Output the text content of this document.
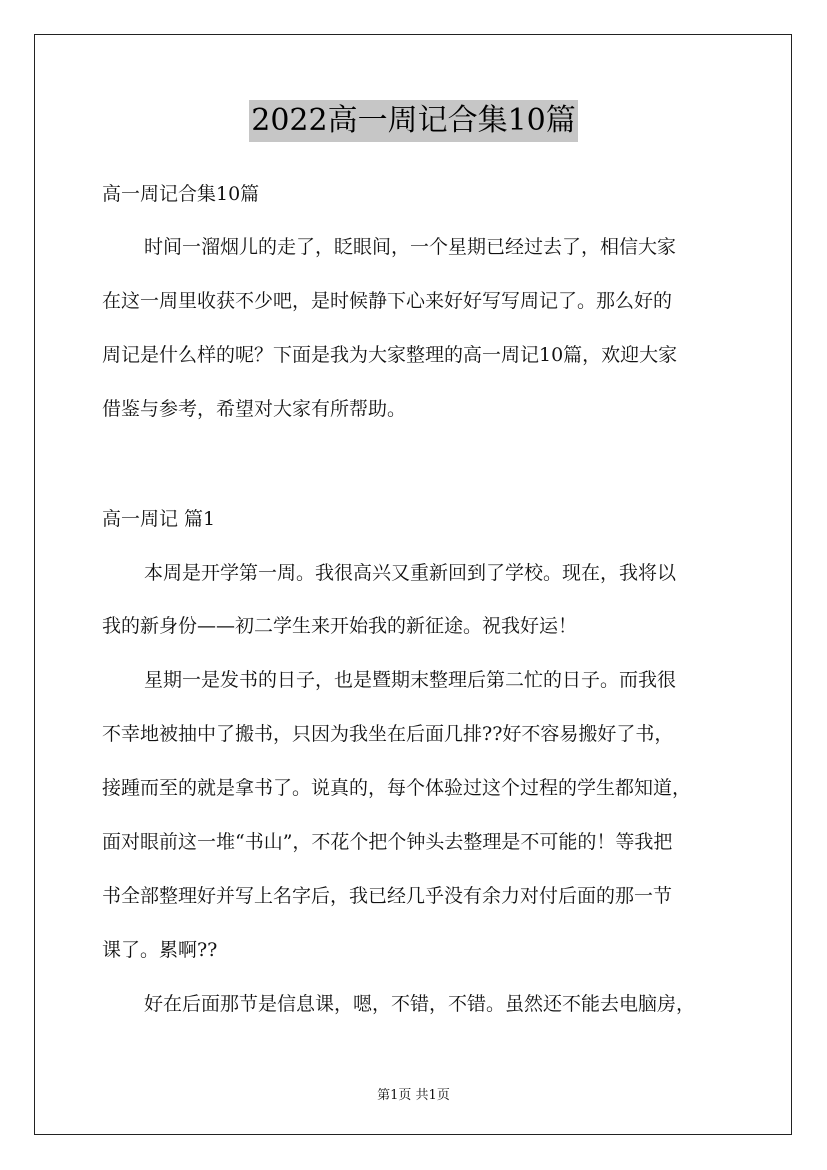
2022高一周记合集10篇
高一周记合集10篇
时间一溜烟儿的走了，眨眼间，一个星期已经过去了，相信大家
在这一周里收获不少吧，是时候静下心来好好写写周记了。那么好的
周记是什么样的呢？下面是我为大家整理的高一周记10篇，欢迎大家
借鉴与参考，希望对大家有所帮助。
高一周记 篇1
本周是开学第一周。我很高兴又重新回到了学校。现在，我将以
我的新身份——初二学生来开始我的新征途。祝我好运！
星期一是发书的日子，也是暨期末整理后第二忙的日子。而我很
不幸地被抽中了搬书，只因为我坐在后面几排??好不容易搬好了书，
接踵而至的就是拿书了。说真的，每个体验过这个过程的学生都知道，
面对眼前这一堆“书山”，不花个把个钟头去整理是不可能的！等我把
书全部整理好并写上名字后，我已经几乎没有余力对付后面的那一节
课了。累啊??
好在后面那节是信息课，嗯，不错，不错。虽然还不能去电脑房，
第1页 共1页
